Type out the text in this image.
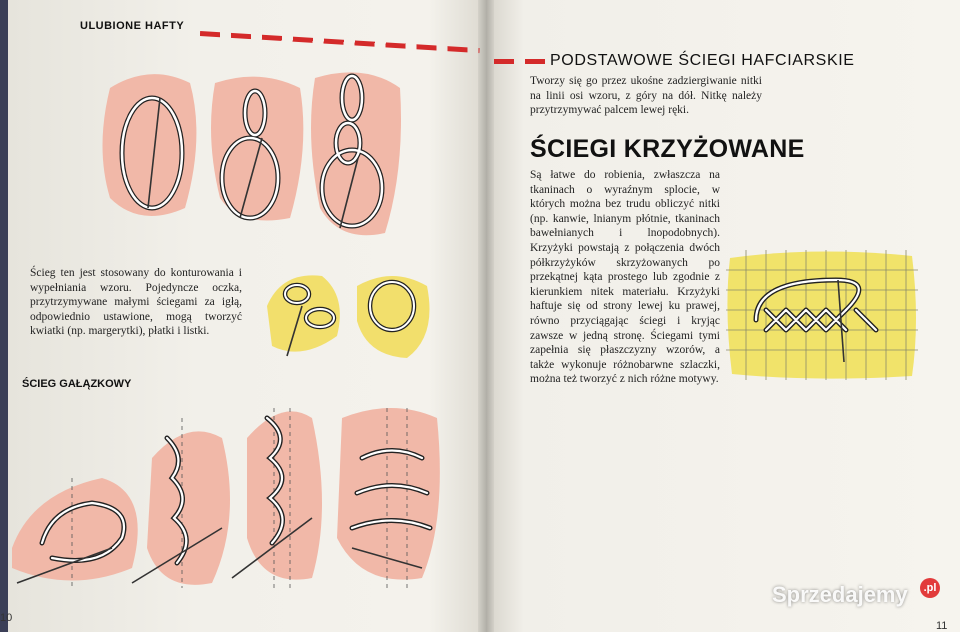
ULUBIONE HAFTY
PODSTAWOWE ŚCIEGI HAFCIARSKIE
Ścieg ten jest stosowany do konturowania i wypełniania wzoru. Pojedyncze oczka, przytrzymywane małymi ściegami za igłą, odpowiednio ustawione, mogą tworzyć kwiatki (np. margerytki), płatki i listki.
ŚCIEG GAŁĄZKOWY
10
Tworzy się go przez ukośne zadziergiwanie nitki na linii osi wzoru, z góry na dół. Nitkę należy przytrzymywać palcem lewej ręki.
ŚCIEGI KRZYŻOWANE
Są łatwe do robienia, zwłaszcza na tkaninach o wyraźnym splocie, w których można bez trudu obliczyć nitki (np. kanwie, lnianym płótnie, tkaninach bawełnianych i lnopodobnych). Krzyżyki powstają z połączenia dwóch półkrzyżyków skrzyżowanych po przekątnej kąta prostego lub zgodnie z kierunkiem nitek materiału. Krzyżyki haftuje się od strony lewej ku prawej, równo przyciągając ściegi i kryjąc zawsze w jedną stronę. Ściegami tymi zapełnia się płaszczyzny wzorów, a także wykonuje różnobarwne szlaczki, można też tworzyć z nich różne motywy.
11
Sprzedajemy	.pl
